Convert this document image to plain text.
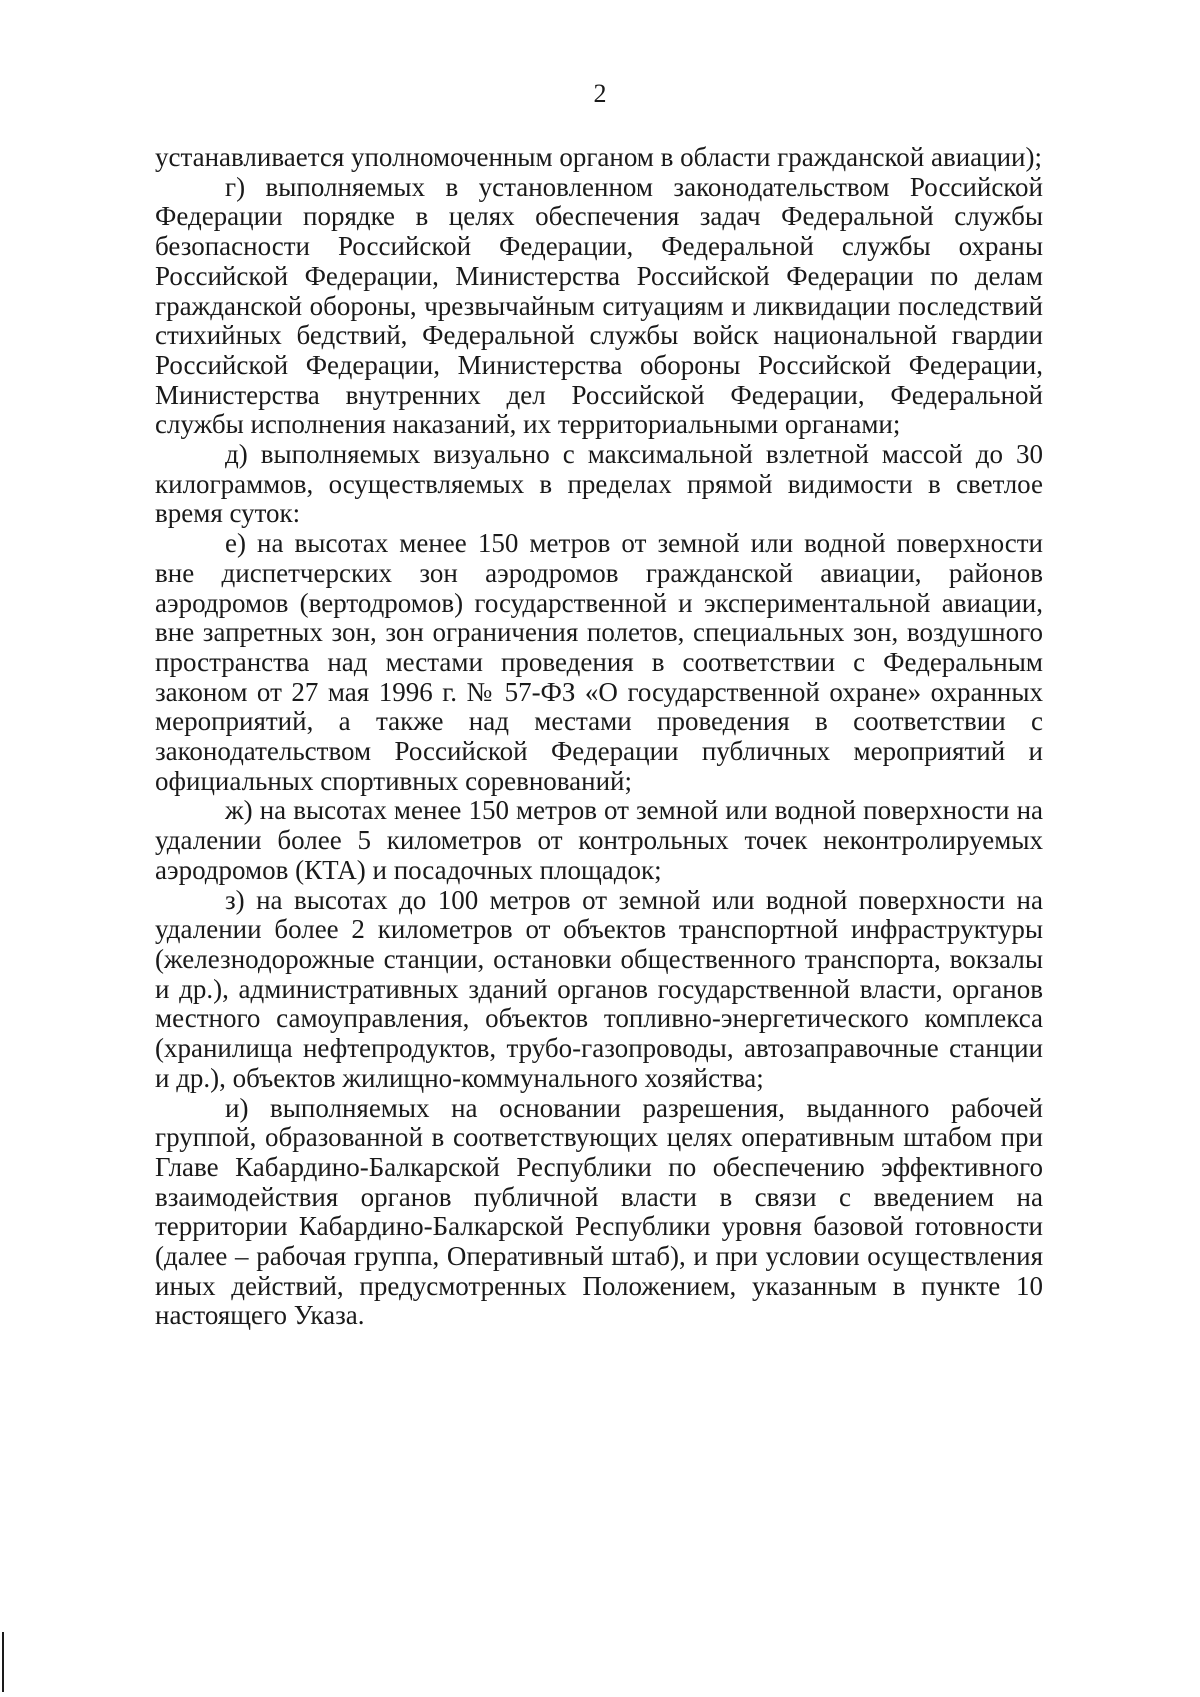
2

устанавливается уполномоченным органом в области гражданской авиации);

г) выполняемых в установленном законодательством Российской Федерации порядке в целях обеспечения задач Федеральной службы безопасности Российской Федерации, Федеральной службы охраны Российской Федерации, Министерства Российской Федерации по делам гражданской обороны, чрезвычайным ситуациям и ликвидации последствий стихийных бедствий, Федеральной службы войск национальной гвардии Российской Федерации, Министерства обороны Российской Федерации, Министерства внутренних дел Российской Федерации, Федеральной службы исполнения наказаний, их территориальными органами;

д) выполняемых визуально с максимальной взлетной массой до 30 килограммов, осуществляемых в пределах прямой видимости в светлое время суток:

е) на высотах менее 150 метров от земной или водной поверхности вне диспетчерских зон аэродромов гражданской авиации, районов аэродромов (вертодромов) государственной и экспериментальной авиации, вне запретных зон, зон ограничения полетов, специальных зон, воздушного пространства над местами проведения в соответствии с Федеральным законом от 27 мая 1996 г. № 57-ФЗ «О государственной охране» охранных мероприятий, а также над местами проведения в соответствии с законодательством Российской Федерации публичных мероприятий и официальных спортивных соревнований;

ж) на высотах менее 150 метров от земной или водной поверхности на удалении более 5 километров от контрольных точек неконтролируемых аэродромов (КТА) и посадочных площадок;

з) на высотах до 100 метров от земной или водной поверхности на удалении более 2 километров от объектов транспортной инфраструктуры (железнодорожные станции, остановки общественного транспорта, вокзалы и др.), административных зданий органов государственной власти, органов местного самоуправления, объектов топливно-энергетического комплекса (хранилища нефтепродуктов, трубо-газопроводы, автозаправочные станции и др.), объектов жилищно-коммунального хозяйства;

и) выполняемых на основании разрешения, выданного рабочей группой, образованной в соответствующих целях оперативным штабом при Главе Кабардино-Балкарской Республики по обеспечению эффективного взаимодействия органов публичной власти в связи с введением на территории Кабардино-Балкарской Республики уровня базовой готовности (далее – рабочая группа, Оперативный штаб), и при условии осуществления иных действий, предусмотренных Положением, указанным в пункте 10 настоящего Указа.
